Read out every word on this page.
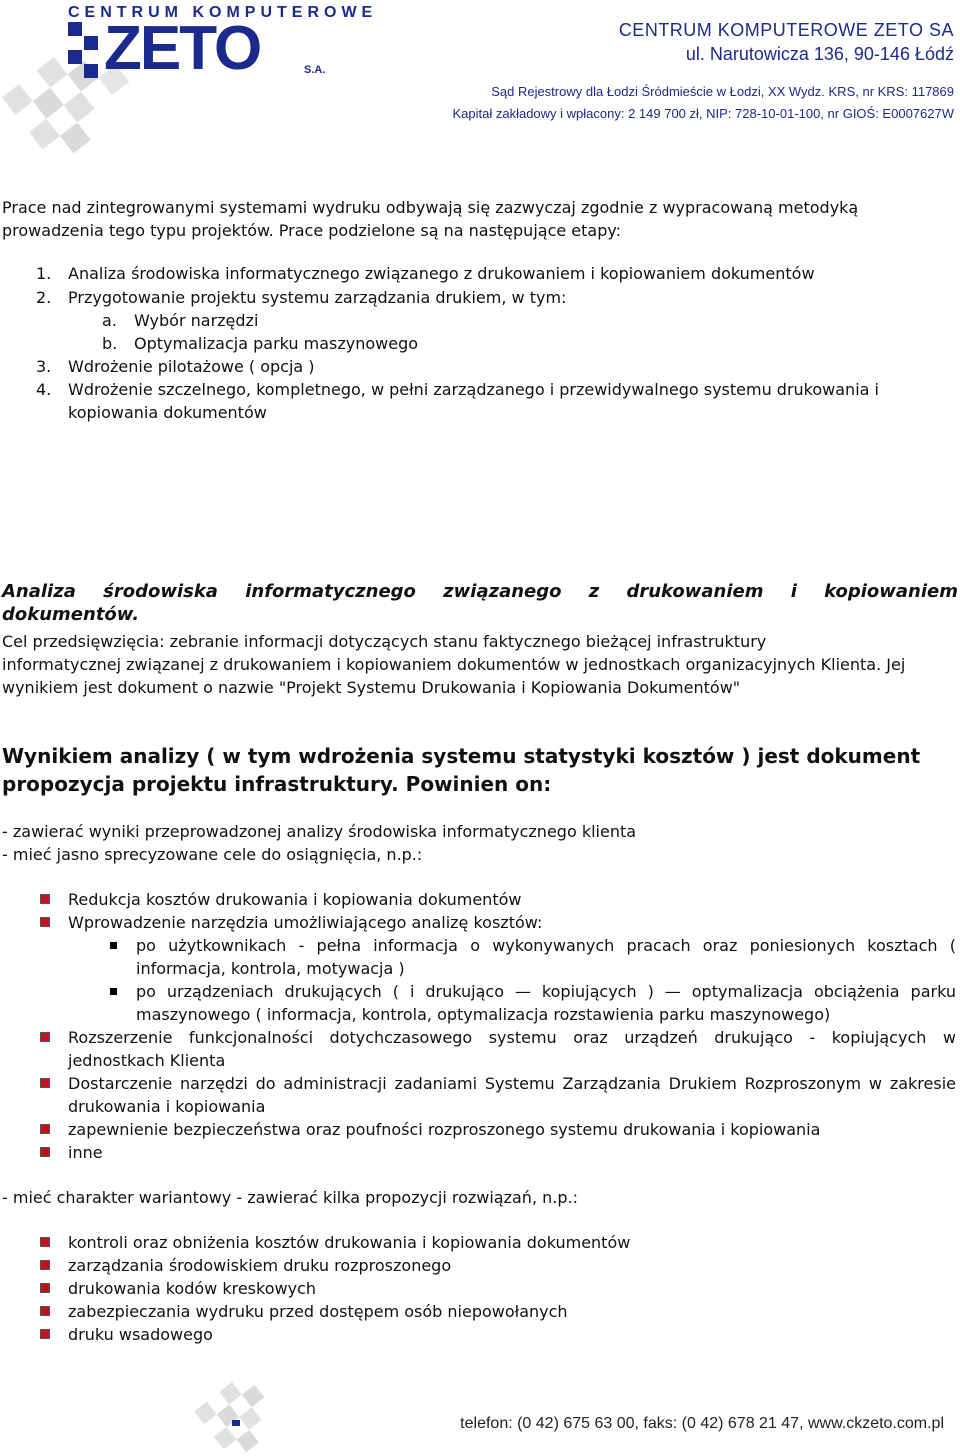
CENTRUM KOMPUTEROWE
ZETO	S.A.
CENTRUM KOMPUTEROWE ZETO SA
ul. Narutowicza 136, 90-146 Łódź
Sąd Rejestrowy dla Łodzi Śródmieście w Łodzi, XX Wydz. KRS, nr KRS: 117869
Kapitał zakładowy i wpłacony: 2 149 700 zł, NIP: 728-10-01-100, nr GIOŚ: E0007627W
Prace nad zintegrowanymi systemami wydruku odbywają się zazwyczaj zgodnie z wypracowaną metodyką
prowadzenia tego typu projektów. Prace podzielone są na następujące etapy:
1. Analiza środowiska informatycznego związanego z drukowaniem i kopiowaniem dokumentów
2. Przygotowanie projektu systemu zarządzania drukiem, w tym:
a. Wybór narzędzi
b. Optymalizacja parku maszynowego
3. Wdrożenie pilotażowe ( opcja )
4. Wdrożenie szczelnego, kompletnego, w pełni zarządzanego i przewidywalnego systemu drukowania i
kopiowania dokumentów
Analiza środowiska informatycznego związanego z drukowaniem i kopiowaniem
dokumentów.
Cel przedsięwzięcia: zebranie informacji dotyczących stanu faktycznego bieżącej infrastruktury
informatycznej związanej z drukowaniem i kopiowaniem dokumentów w jednostkach organizacyjnych Klienta. Jej
wynikiem jest dokument o nazwie "Projekt Systemu Drukowania i Kopiowania Dokumentów"
Wynikiem analizy ( w tym wdrożenia systemu statystyki kosztów ) jest dokument
propozycja projektu infrastruktury. Powinien on:
- zawierać wyniki przeprowadzonej analizy środowiska informatycznego klienta
- mieć jasno sprecyzowane cele do osiągnięcia, n.p.:
Redukcja kosztów drukowania i kopiowania dokumentów
Wprowadzenie narzędzia umożliwiającego analizę kosztów:
po użytkownikach - pełna informacja o wykonywanych pracach oraz poniesionych kosztach (
informacja, kontrola, motywacja )
po urządzeniach drukujących ( i drukująco — kopiujących ) — optymalizacja obciążenia parku
maszynowego ( informacja, kontrola, optymalizacja rozstawienia parku maszynowego)
Rozszerzenie funkcjonalności dotychczasowego systemu oraz urządzeń drukująco - kopiujących w
jednostkach Klienta
Dostarczenie narzędzi do administracji zadaniami Systemu Zarządzania Drukiem Rozproszonym w zakresie
drukowania i kopiowania
zapewnienie bezpieczeństwa oraz poufności rozproszonego systemu drukowania i kopiowania
inne
- mieć charakter wariantowy - zawierać kilka propozycji rozwiązań, n.p.:
kontroli oraz obniżenia kosztów drukowania i kopiowania dokumentów
zarządzania środowiskiem druku rozproszonego
drukowania kodów kreskowych
zabezpieczania wydruku przed dostępem osób niepowołanych
druku wsadowego
telefon: (0 42) 675 63 00, faks: (0 42) 678 21 47, www.ckzeto.com.pl
